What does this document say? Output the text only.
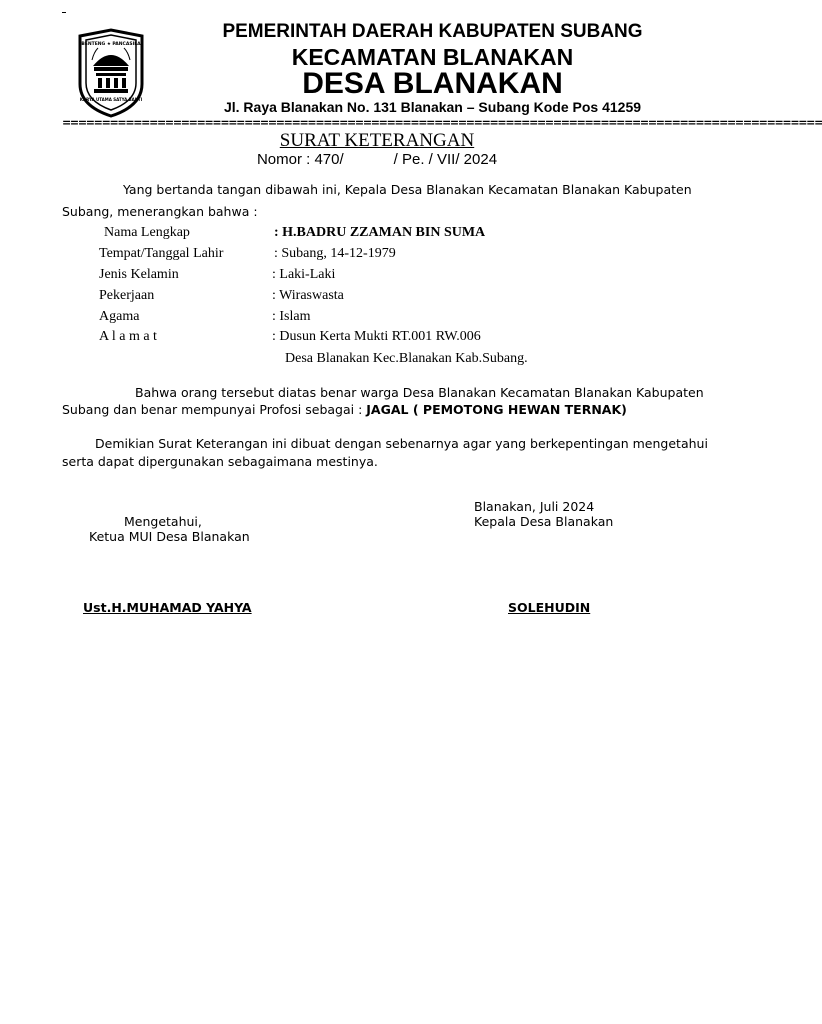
BENTENG ★ PANCASILA
KARYA UTAMA SATYA BAKTI
PEMERINTAH DAERAH KABUPATEN SUBANG
KECAMATAN BLANAKAN
DESA BLANAKAN
Jl. Raya Blanakan No. 131 Blanakan – Subang Kode Pos 41259
================================================================================================
SURAT KETERANGAN
Nomor : 470/	/ Pe. / VII/ 2024
Yang bertanda tangan dibawah ini, Kepala Desa Blanakan Kecamatan Blanakan Kabupaten
Subang, menerangkan bahwa :
Nama Lengkap	: H.BADRU ZZAMAN BIN SUMA
Tempat/Tanggal Lahir	: Subang, 14-12-1979
Jenis Kelamin	: Laki-Laki
Pekerjaan	: Wiraswasta
Agama	: Islam
A l a m a t	: Dusun Kerta Mukti RT.001 RW.006
Desa Blanakan Kec.Blanakan Kab.Subang.
Bahwa orang tersebut diatas benar warga Desa Blanakan Kecamatan Blanakan Kabupaten
Subang dan benar mempunyai Profosi sebagai : JAGAL ( PEMOTONG HEWAN TERNAK)
Demikian Surat Keterangan ini dibuat dengan sebenarnya agar yang berkepentingan mengetahui
serta dapat dipergunakan sebagaimana mestinya.
Blanakan, Juli 2024
Kepala Desa Blanakan
Mengetahui,
Ketua MUI Desa Blanakan
Ust.H.MUHAMAD YAHYA	SOLEHUDIN
